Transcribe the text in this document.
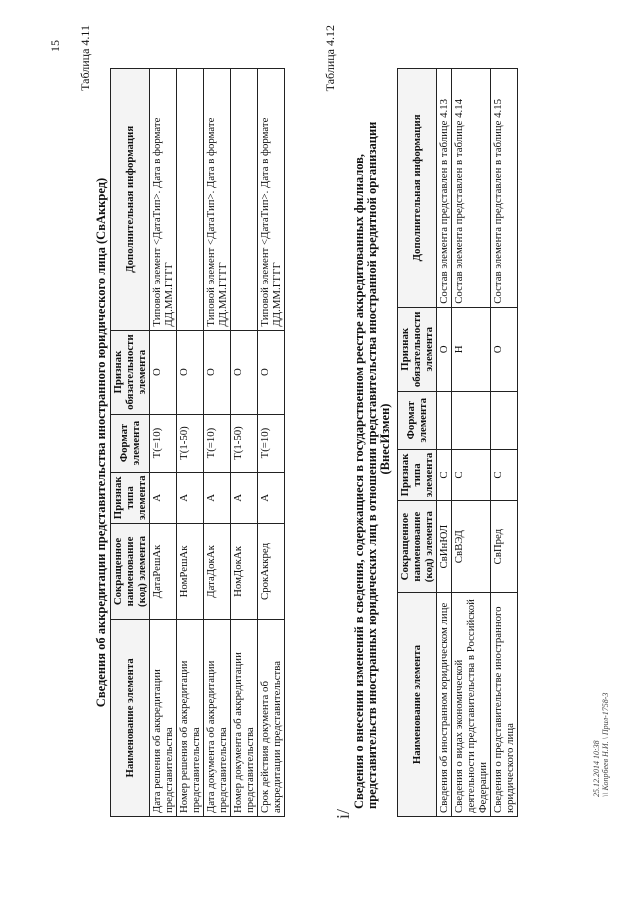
15 Таблица 4.11
Сведения об аккредитации представительства иностранного юридического лица (СвАккред)
Наименование элемента	Сокращенное наименование (код) элемента	Признак типа элемента	Формат элемента	Признак обязательности элемента	Дополнительная информация
Дата решения об аккредитации представительства	ДатаРешАк	А	T(=10)	О	Типовой элемент <ДатаТип>. Дата в формате ДД.ММ.ГГГГ
Номер решения об аккредитации представительства	НомРешАк	А	T(1-50)	О	
Дата документа об аккредитации представительства	ДатаДокАк	А	T(=10)	О	Типовой элемент <ДатаТип>. Дата в формате ДД.ММ.ГГГГ
Номер документа об аккредитации представительства	НомДокАк	А	T(1-50)	О	
Срок действия документа об аккредитации представительства	СрокАккред	А	T(=10)	О	Типовой элемент <ДатаТип>. Дата в формате ДД.ММ.ГГГГ
Таблица 4.12
i/
Сведения о внесении изменений в сведения, содержащиеся в государственном реестре аккредитованных филиалов,
представительств иностранных юридических лиц в отношении представительства иностранной кредитной организации (ВнесИзмен)
Наименование элемента	Сокращенное наименование (код) элемента	Признак типа элемента	Формат элемента	Признак обязательности элемента	Дополнительная информация
Сведения об иностранном юридическом лице	СвИнЮЛ	С		О	Состав элемента представлен в таблице 4.13
Сведения о видах экономической деятельности представительства в Российской Федерации	СвВЭД	С		Н	Состав элемента представлен в таблице 4.14
Сведения о представительстве иностранного юридического лица	СвПред	С		О	Состав элемента представлен в таблице 4.15
25.12.2014 10:38
\\ Копрбеев Н.И. \ Прил-1758-3
